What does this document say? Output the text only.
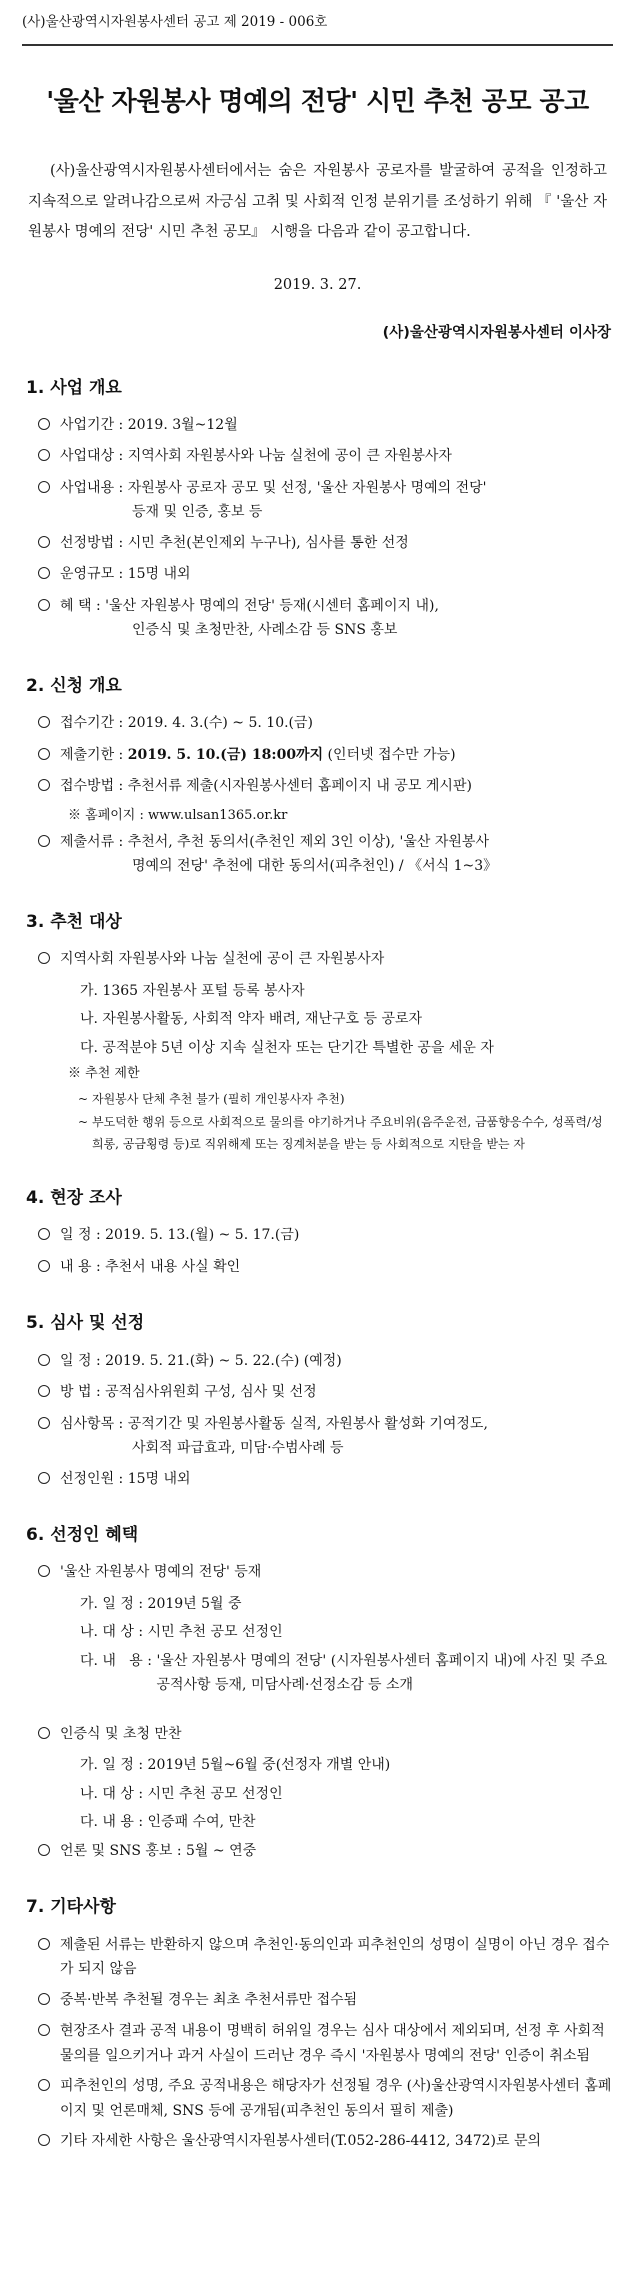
(사)울산광역시자원봉사센터 공고 제 2019 - 006호
'울산 자원봉사 명예의 전당' 시민 추천 공모 공고

(사)울산광역시자원봉사센터에서는 숨은 자원봉사 공로자를 발굴하여 공적을 인정하고 지속적으로 알려나감으로써 자긍심 고취 및 사회적 인정 분위기를 조성하기 위해 『 '울산 자원봉사 명예의 전당' 시민 추천 공모』 시행을 다음과 같이 공고합니다.

2019. 3. 27.
(사)울산광역시자원봉사센터 이사장
1. 사업 개요
사업기간 : 2019. 3월~12월
사업대상 : 지역사회 자원봉사와 나눔 실천에 공이 큰 자원봉사자
사업내용 : 자원봉사 공로자 공모 및 선정, '울산 자원봉사 명예의 전당'
등재 및 인증, 홍보 등
선정방법 : 시민 추천(본인제외 누구나), 심사를 통한 선정
운영규모 : 15명 내외
혜 택 : '울산 자원봉사 명예의 전당' 등재(시센터 홈페이지 내),
인증식 및 초청만찬, 사례소감 등 SNS 홍보
2. 신청 개요
접수기간 : 2019. 4. 3.(수) ~ 5. 10.(금)
제출기한 : 2019. 5. 10.(금) 18:00까지 (인터넷 접수만 가능)
접수방법 : 추천서류 제출(시자원봉사센터 홈페이지 내 공모 게시판)
※ 홈페이지 : www.ulsan1365.or.kr
제출서류 : 추천서, 추천 동의서(추천인 제외 3인 이상), '울산 자원봉사
명예의 전당' 추천에 대한 동의서(피추천인) / 《서식 1~3》
3. 추천 대상
지역사회 자원봉사와 나눔 실천에 공이 큰 자원봉사자
가. 1365 자원봉사 포털 등록 봉사자
나. 자원봉사활동, 사회적 약자 배려, 재난구호 등 공로자
다. 공적분야 5년 이상 지속 실천자 또는 단기간 특별한 공을 세운 자
※ 추천 제한
~ 자원봉사 단체 추천 불가 (필히 개인봉사자 추천)
~ 부도덕한 행위 등으로 사회적으로 물의를 야기하거나 주요비위(음주운전, 금품향응수수, 성폭력/성희롱, 공금횡령 등)로 직위해제 또는 징계처분을 받는 등 사회적으로 지탄을 받는 자
4. 현장 조사
일 정 : 2019. 5. 13.(월) ~ 5. 17.(금)
내 용 : 추천서 내용 사실 확인
5. 심사 및 선정
일 정 : 2019. 5. 21.(화) ~ 5. 22.(수) (예정)
방 법 : 공적심사위원회 구성, 심사 및 선정
심사항목 : 공적기간 및 자원봉사활동 실적, 자원봉사 활성화 기여정도,
사회적 파급효과, 미담·수범사례 등
선정인원 : 15명 내외
6. 선정인 혜택
'울산 자원봉사 명예의 전당' 등재
가. 일 정 : 2019년 5월 중
나. 대 상 : 시민 추천 공모 선정인
다. 내   용 : '울산 자원봉사 명예의 전당' (시자원봉사센터 홈페이지 내)에 사진 및 주요 공적사항 등재, 미담사례·선정소감 등 소개
인증식 및 초청 만찬
가. 일 정 : 2019년 5월~6월 중(선정자 개별 안내)
나. 대 상 : 시민 추천 공모 선정인
다. 내 용 : 인증패 수여, 만찬
언론 및 SNS 홍보 : 5월 ~ 연중
7. 기타사항
제출된 서류는 반환하지 않으며 추천인·동의인과 피추천인의 성명이 실명이 아닌 경우 접수가 되지 않음
중복·반복 추천될 경우는 최초 추천서류만 접수됨
현장조사 결과 공적 내용이 명백히 허위일 경우는 심사 대상에서 제외되며, 선정 후 사회적 물의를 일으키거나 과거 사실이 드러난 경우 즉시 '자원봉사 명예의 전당' 인증이 취소됨
피추천인의 성명, 주요 공적내용은 해당자가 선정될 경우 (사)울산광역시자원봉사센터 홈페이지 및 언론매체, SNS 등에 공개됨(피추천인 동의서 필히 제출)
기타 자세한 사항은 울산광역시자원봉사센터(T.052-286-4412, 3472)로 문의
